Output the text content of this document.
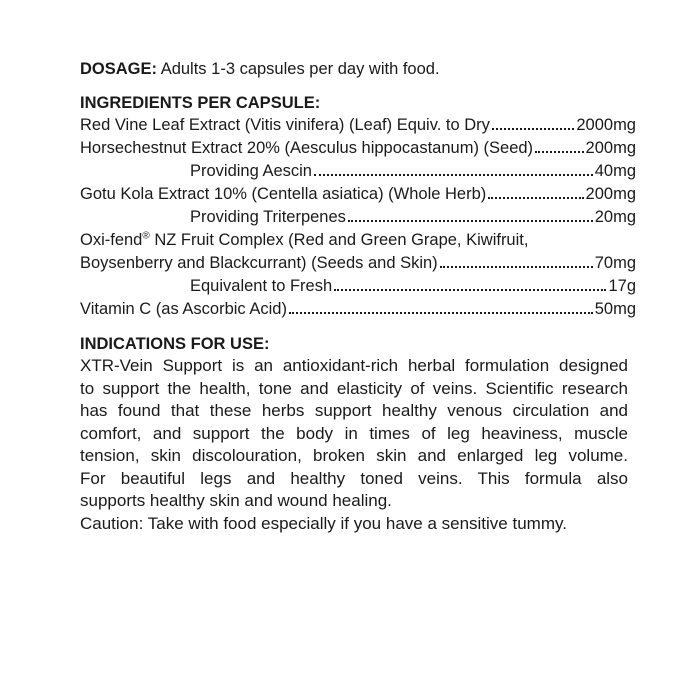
DOSAGE: Adults 1-3 capsules per day with food.
INGREDIENTS PER CAPSULE:
Red Vine Leaf Extract (Vitis vinifera) (Leaf) Equiv. to Dry	2000mg
Horsechestnut Extract 20% (Aesculus hippocastanum) (Seed)	200mg
Providing Aescin	40mg
Gotu Kola Extract 10% (Centella asiatica) (Whole Herb)	200mg
Providing Triterpenes	20mg
Oxi-fend® NZ Fruit Complex (Red and Green Grape, Kiwifruit,
Boysenberry and Blackcurrant) (Seeds and Skin)	70mg
Equivalent to Fresh	17g
Vitamin C (as Ascorbic Acid)	50mg
INDICATIONS FOR USE:
XTR-Vein Support is an antioxidant-rich herbal formulation designed
to support the health, tone and elasticity of veins. Scientific research
has found that these herbs support healthy venous circulation and
comfort, and support the body in times of leg heaviness, muscle
tension, skin discolouration, broken skin and enlarged leg volume.
For beautiful legs and healthy toned veins. This formula also
supports healthy skin and wound healing.
Caution: Take with food especially if you have a sensitive tummy.
